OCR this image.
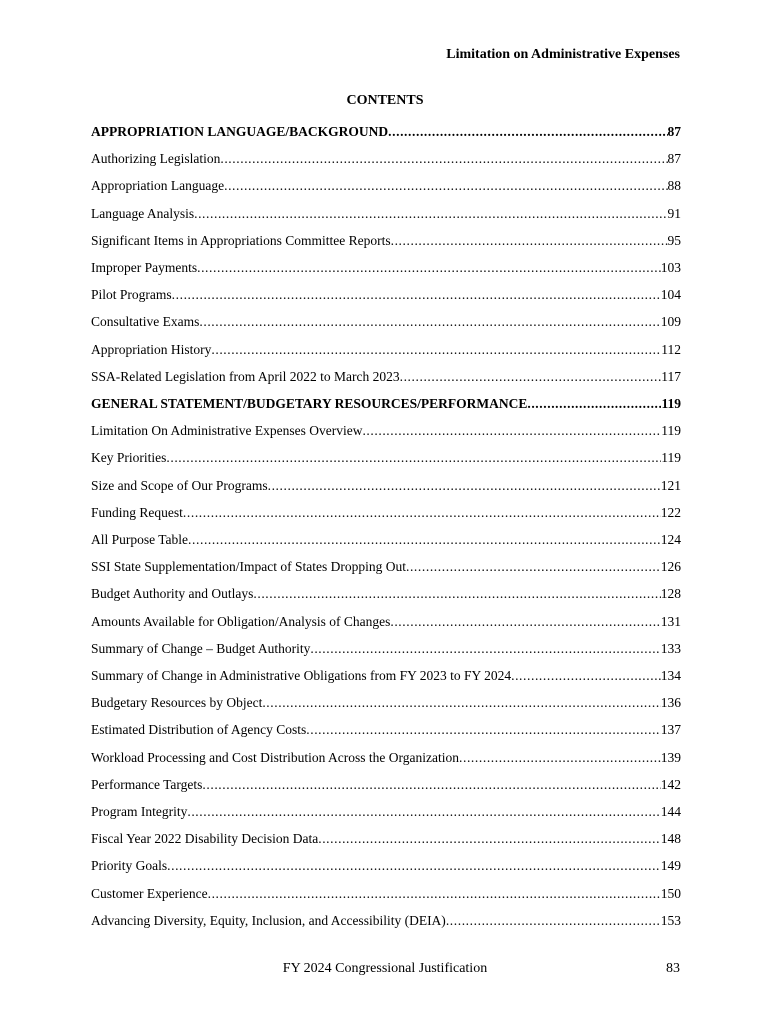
Limitation on Administrative Expenses
CONTENTS
APPROPRIATION LANGUAGE/BACKGROUND .....	87
Authorizing Legislation .....	87
Appropriation Language .....	88
Language Analysis .....	91
Significant Items in Appropriations Committee Reports .....	95
Improper Payments .....	103
Pilot Programs .....	104
Consultative Exams .....	109
Appropriation History .....	112
SSA-Related Legislation from April 2022 to March 2023 .....	117
GENERAL STATEMENT/BUDGETARY RESOURCES/PERFORMANCE .....	119
Limitation On Administrative Expenses Overview .....	119
Key Priorities .....	119
Size and Scope of Our Programs .....	121
Funding Request .....	122
All Purpose Table .....	124
SSI State Supplementation/Impact of States Dropping Out .....	126
Budget Authority and Outlays .....	128
Amounts Available for Obligation/Analysis of Changes .....	131
Summary of Change – Budget Authority .....	133
Summary of Change in Administrative Obligations from FY 2023 to FY 2024 .....	134
Budgetary Resources by Object .....	136
Estimated Distribution of Agency Costs .....	137
Workload Processing and Cost Distribution Across the Organization .....	139
Performance Targets .....	142
Program Integrity .....	144
Fiscal Year 2022 Disability Decision Data .....	148
Priority Goals .....	149
Customer Experience .....	150
Advancing Diversity, Equity, Inclusion, and Accessibility (DEIA) .....	153
FY 2024 Congressional Justification	83
